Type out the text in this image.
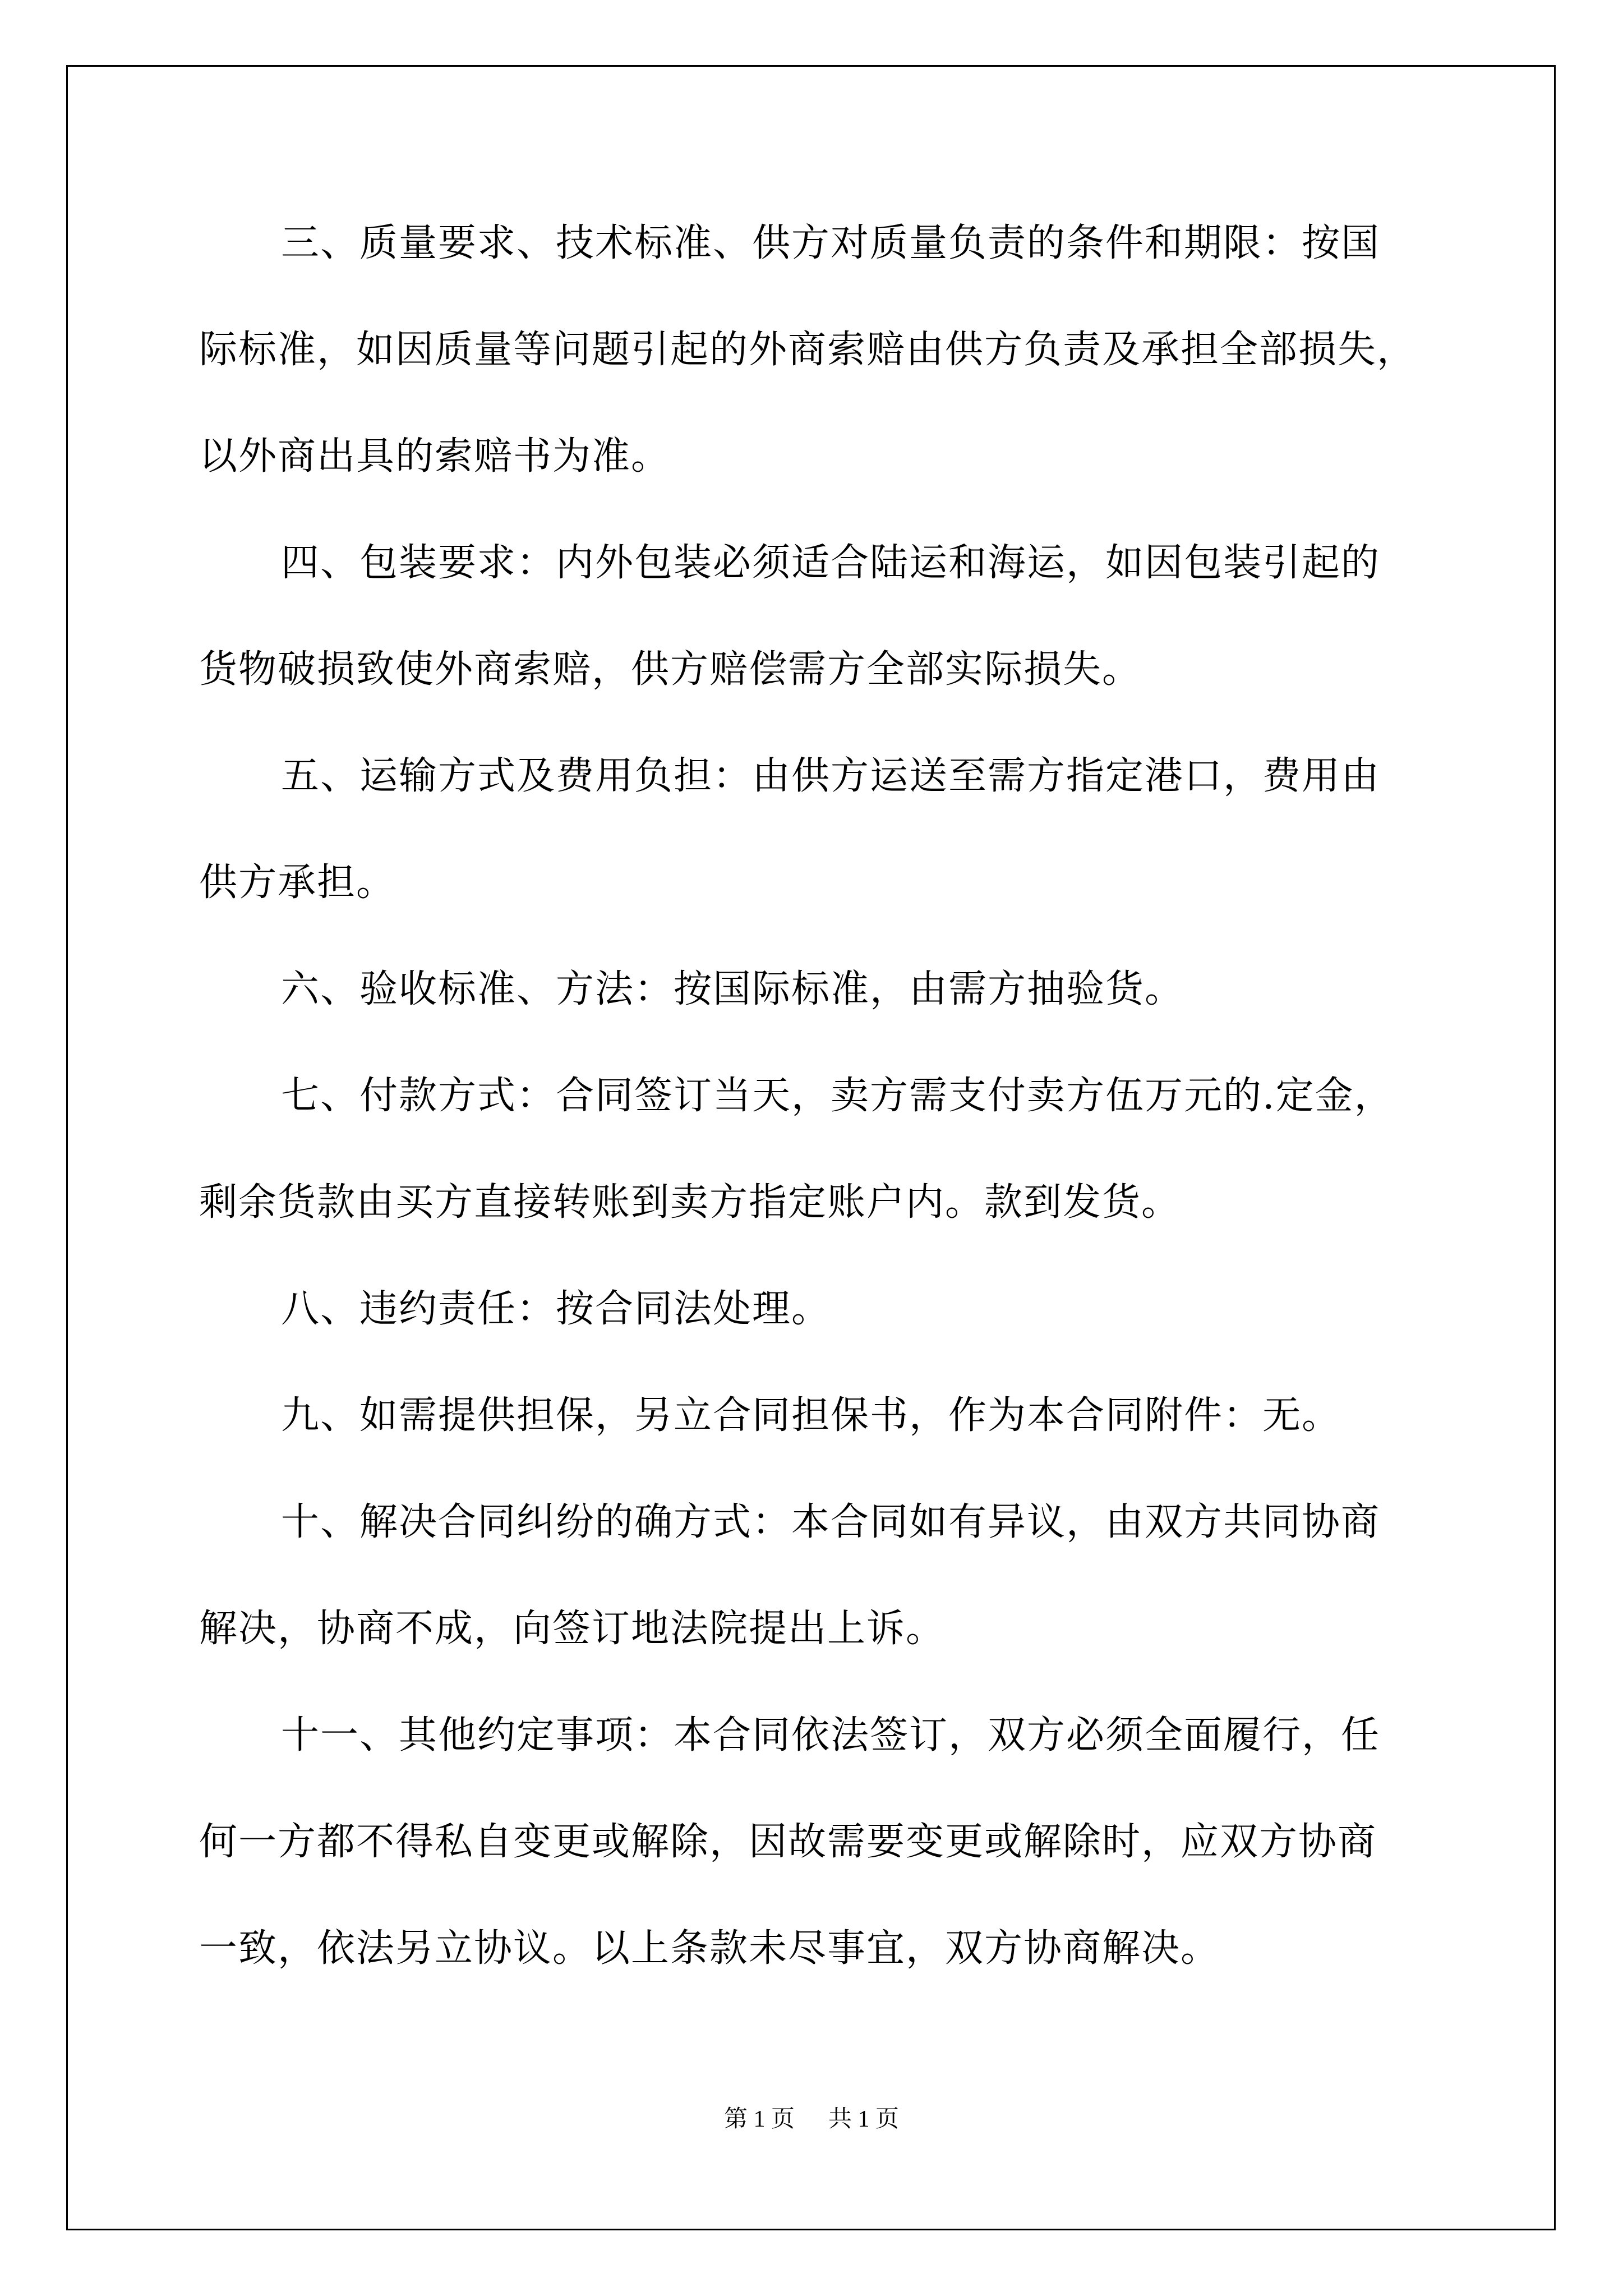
三、质量要求、技术标准、供方对质量负责的条件和期限：按国
际标准，如因质量等问题引起的外商索赔由供方负责及承担全部损失，
以外商出具的索赔书为准。
四、包装要求：内外包装必须适合陆运和海运，如因包装引起的
货物破损致使外商索赔，供方赔偿需方全部实际损失。
五、运输方式及费用负担：由供方运送至需方指定港口，费用由
供方承担。
六、验收标准、方法：按国际标准，由需方抽验货。
七、付款方式：合同签订当天，卖方需支付卖方伍万元的.定金，
剩余货款由买方直接转账到卖方指定账户内。款到发货。
八、违约责任：按合同法处理。
九、如需提供担保，另立合同担保书，作为本合同附件：无。
十、解决合同纠纷的确方式：本合同如有异议，由双方共同协商
解决，协商不成，向签订地法院提出上诉。
十一、其他约定事项：本合同依法签订，双方必须全面履行，任
何一方都不得私自变更或解除，因故需要变更或解除时，应双方协商
一致，依法另立协议。以上条款未尽事宜，双方协商解决。
第 1 页 共 1 页
